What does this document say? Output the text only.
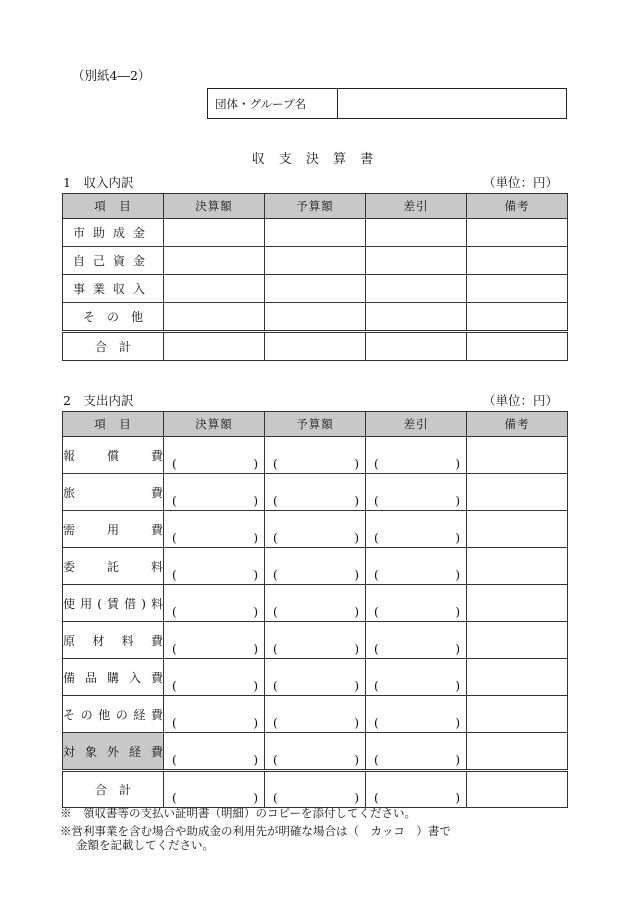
（別紙4―2）
団体・グループ名
収 支 決 算 書
1　収入内訳	（単位：円）
項　目	決算額	予算額	差引	備考
市助成金				
自己資金				
事業収入				
そ　の　他				
合　計				
2　支出内訳	（単位：円）
項　目	決算額	予算額	差引	備考
報償費	( )	( )	( )	

旅　費	( )	( )	( )	

需用費	( )	( )	( )	

委託料	( )	( )	( )	

使用(賃借)料	( )	( )	( )	

原材料費	( )	( )	( )	

備品購入費	( )	( )	( )	

その他の経費	( )	( )	( )	

対象外経費	( )	( )	( )	

合　計	( )	( )	( )	

※　領収書等の支払い証明書（明細）のコピーを添付してください。
※営利事業を含む場合や助成金の利用先が明確な場合は（　カッコ　）書で
金額を記載してください。
